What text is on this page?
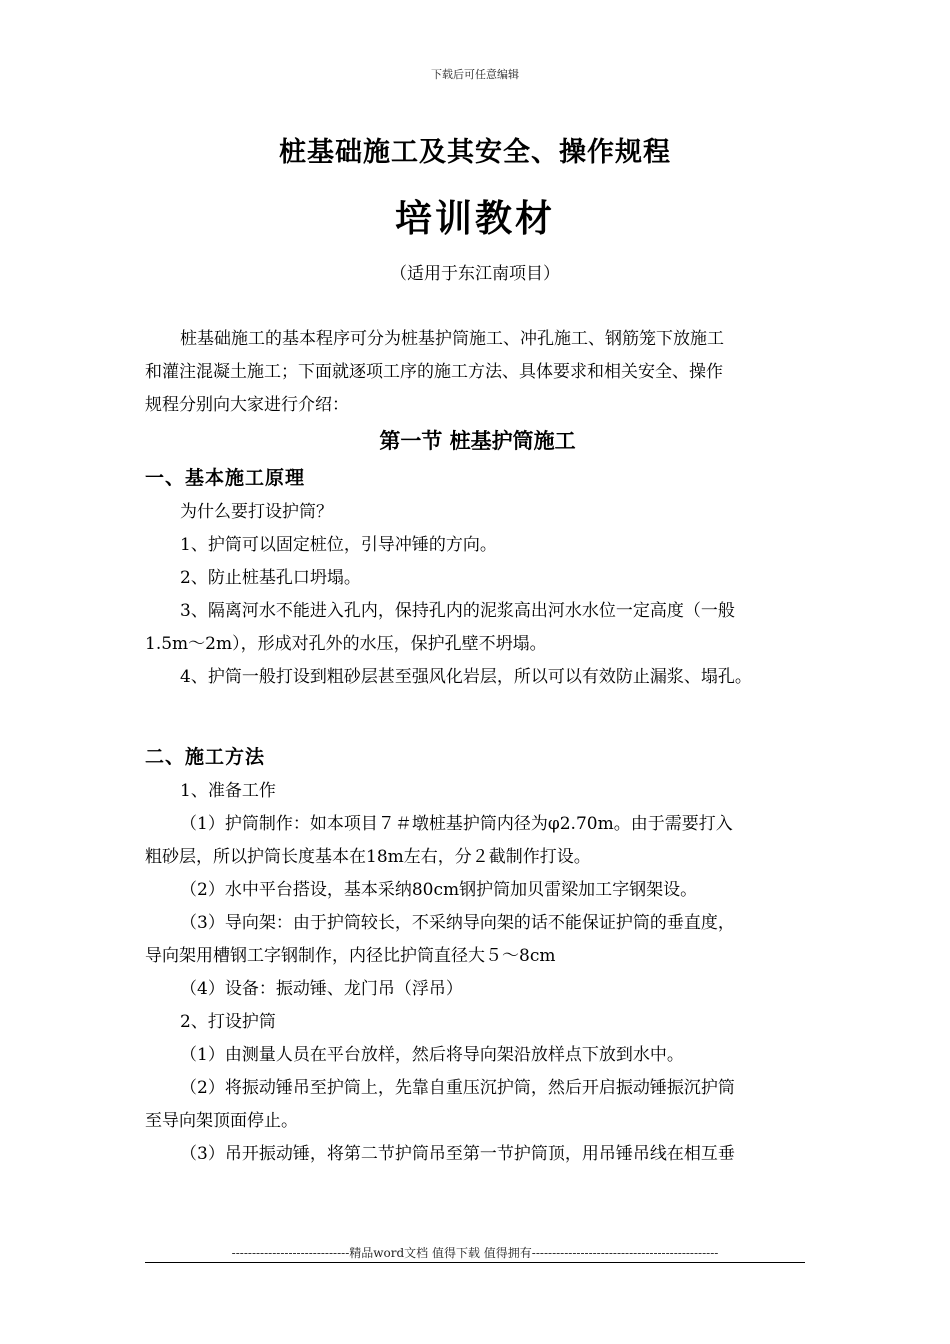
下载后可任意编辑
桩基础施工及其安全、操作规程
培训教材
（适用于东江南项目）
桩基础施工的基本程序可分为桩基护筒施工、冲孔施工、钢筋笼下放施工
和灌注混凝土施工；下面就逐项工序的施工方法、具体要求和相关安全、操作
规程分别向大家进行介绍：
第一节 桩基护筒施工
一、基本施工原理
为什么要打设护筒？
1、护筒可以固定桩位，引导冲锤的方向。
2、防止桩基孔口坍塌。
3、隔离河水不能进入孔内，保持孔内的泥浆高出河水水位一定高度（一般
1.5m～2m），形成对孔外的水压，保护孔壁不坍塌。
4、护筒一般打设到粗砂层甚至强风化岩层，所以可以有效防止漏浆、塌孔。
二、施工方法
1、准备工作
（1）护筒制作：如本项目７＃墩桩基护筒内径为φ2.70m。由于需要打入
粗砂层，所以护筒长度基本在18m左右，分２截制作打设。
（2）水中平台搭设，基本采纳80cm钢护筒加贝雷梁加工字钢架设。
（3）导向架：由于护筒较长，不采纳导向架的话不能保证护筒的垂直度，
导向架用槽钢工字钢制作，内径比护筒直径大５～8cm
（4）设备：振动锤、龙门吊（浮吊）
2、打设护筒
（1）由测量人员在平台放样，然后将导向架沿放样点下放到水中。
（2）将振动锤吊至护筒上，先靠自重压沉护筒，然后开启振动锤振沉护筒
至导向架顶面停止。
（3）吊开振动锤，将第二节护筒吊至第一节护筒顶，用吊锤吊线在相互垂
-----------------------------精品word文档 值得下载 值得拥有----------------------------------------------
